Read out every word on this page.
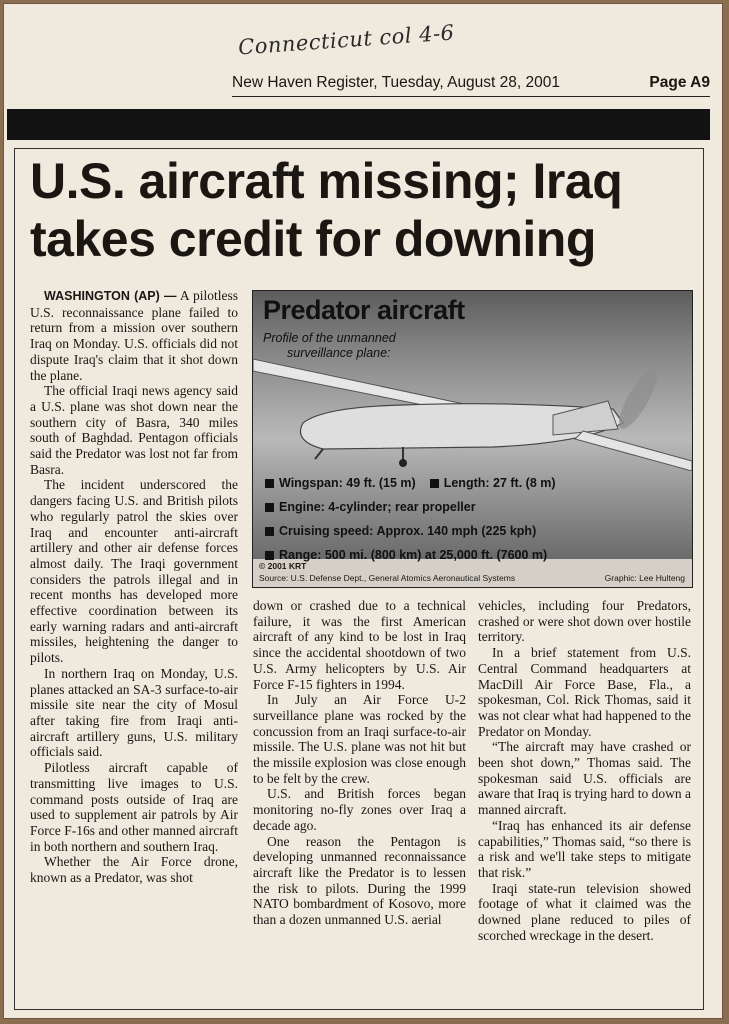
Connecticut col 4-6
New Haven Register, Tuesday, August 28, 2001	Page A9
U.S. aircraft missing; Iraq
takes credit for downing

WASHINGTON (AP) — A pilotless U.S. reconnaissance plane failed to return from a mission over southern Iraq on Monday. U.S. officials did not dispute Iraq's claim that it shot down the plane.

The official Iraqi news agency said a U.S. plane was shot down near the southern city of Basra, 340 miles south of Baghdad. Pentagon officials said the Predator was lost not far from Basra.

The incident underscored the dangers facing U.S. and British pilots who regularly patrol the skies over Iraq and encounter anti-aircraft artillery and other air defense forces almost daily. The Iraqi government considers the patrols illegal and in recent months has developed more effective coordination between its early warning radars and anti-aircraft missiles, heightening the danger to pilots.

In northern Iraq on Monday, U.S. planes attacked an SA-3 surface-to-air missile site near the city of Mosul after taking fire from Iraqi anti-aircraft artillery guns, U.S. military officials said.

Pilotless aircraft capable of transmitting live images to U.S. command posts outside of Iraq are used to supplement air patrols by Air Force F-16s and other manned aircraft in both northern and southern Iraq.

Whether the Air Force drone, known as a Predator, was shot

Predator aircraft
Profile of the unmanned
surveillance plane:
Wingspan: 49 ft. (15 m) Length: 27 ft. (8 m)
Engine: 4-cylinder; rear propeller
Cruising speed: Approx. 140 mph (225 kph)
Range: 500 mi. (800 km) at 25,000 ft. (7600 m)
© 2001 KRT
Source: U.S. Defense Dept., General Atomics Aeronautical Systems	Graphic: Lee Hulteng

down or crashed due to a technical failure, it was the first American aircraft of any kind to be lost in Iraq since the accidental shootdown of two U.S. Army helicopters by U.S. Air Force F-15 fighters in 1994.

In July an Air Force U-2 surveillance plane was rocked by the concussion from an Iraqi surface-to-air missile. The U.S. plane was not hit but the missile explosion was close enough to be felt by the crew.

U.S. and British forces began monitoring no-fly zones over Iraq a decade ago.

One reason the Pentagon is developing unmanned reconnaissance aircraft like the Predator is to lessen the risk to pilots. During the 1999 NATO bombardment of Kosovo, more than a dozen unmanned U.S. aerial

vehicles, including four Predators, crashed or were shot down over hostile territory.

In a brief statement from U.S. Central Command headquarters at MacDill Air Force Base, Fla., a spokesman, Col. Rick Thomas, said it was not clear what had happened to the Predator on Monday.

“The aircraft may have crashed or been shot down,” Thomas said. The spokesman said U.S. officials are aware that Iraq is trying hard to down a manned aircraft.

“Iraq has enhanced its air defense capabilities,” Thomas said, “so there is a risk and we'll take steps to mitigate that risk.”

Iraqi state-run television showed footage of what it claimed was the downed plane reduced to piles of scorched wreckage in the desert.
